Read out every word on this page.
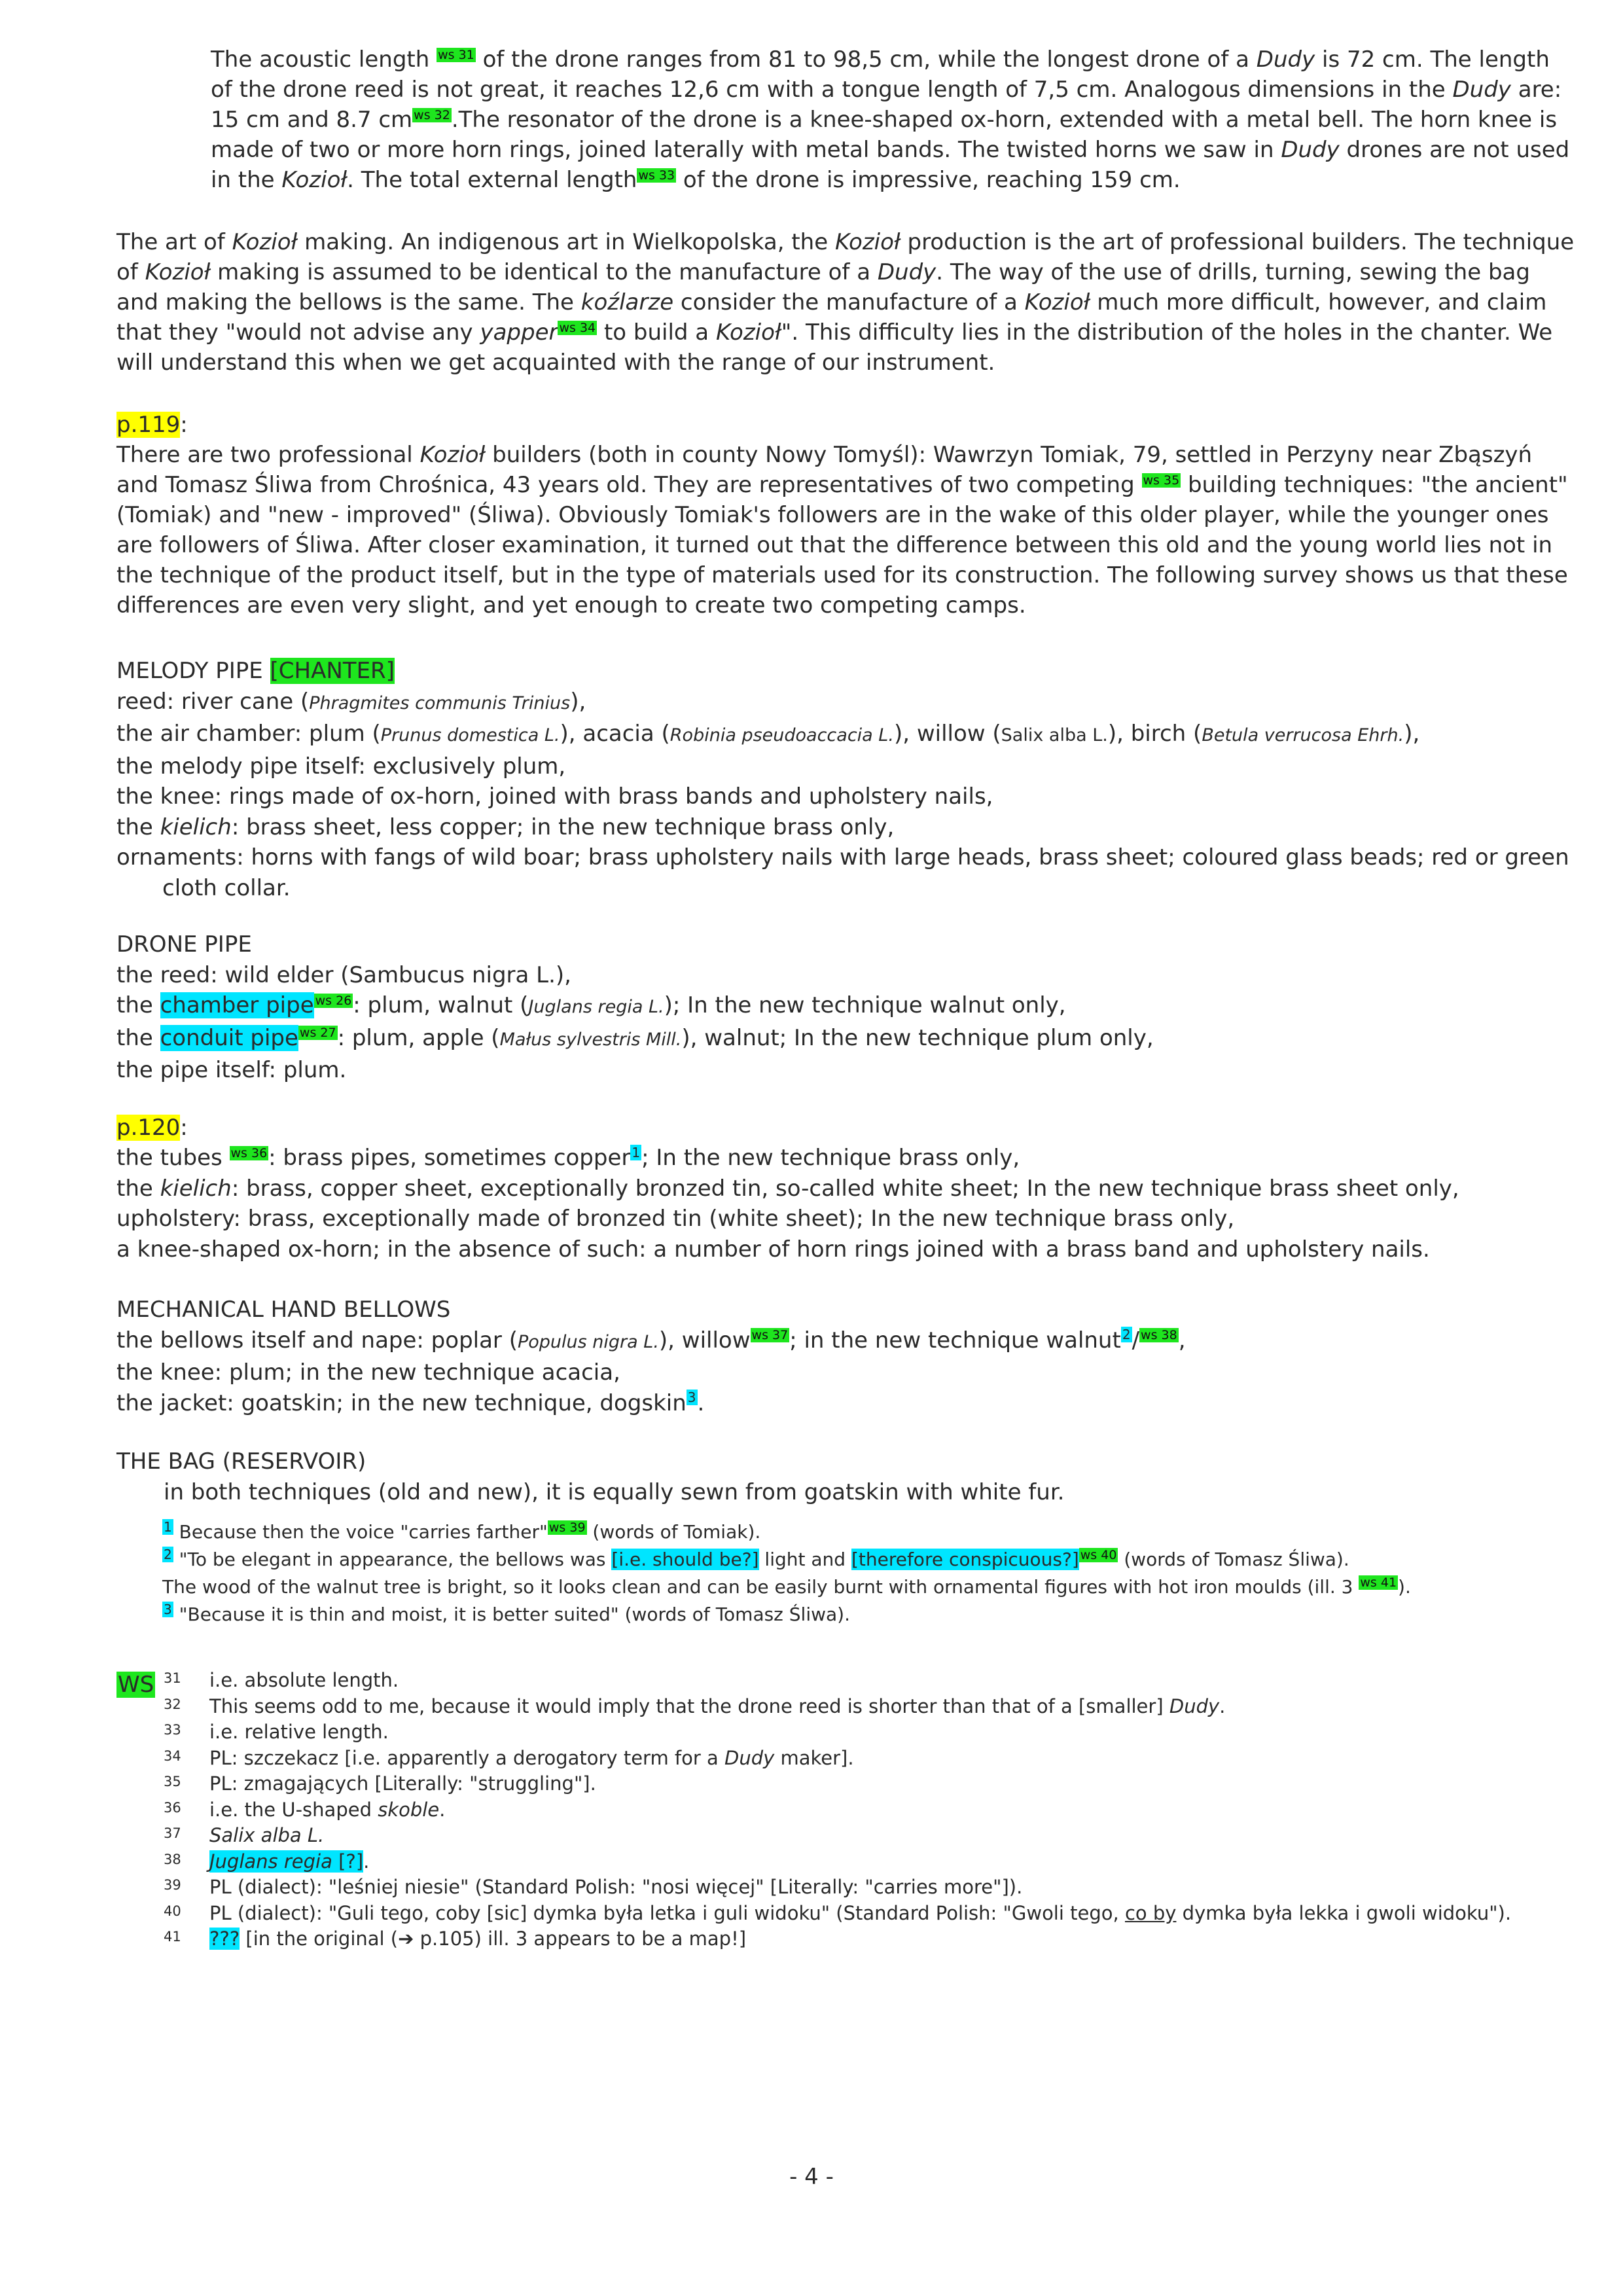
The acoustic length $^{ws 31}$ of the drone ranges from 81 to 98,5 cm, while the longest drone of a Dudy is 72 cm. The length of the drone reed is not great, it reaches 12,6 cm with a tongue length of 7,5 cm. Analogous dimensions in the Dudy are: 15 cm and 8.7 cm $^{ws 32}$.The resonator of the drone is a knee-shaped ox-horn, extended with a metal bell. The horn knee is made of two or more horn rings, joined laterally with metal bands. The twisted horns we saw in Dudy drones are not used in the Kozioł. The total external length $^{ws 33}$ of the drone is impressive, reaching 159 cm.

The art of Kozioł making. An indigenous art in Wielkopolska, the Kozioł production is the art of professional builders. The technique of Kozioł making is assumed to be identical to the manufacture of a Dudy. The way of the use of drills, turning, sewing the bag and making the bellows is the same. The koźlarze consider the manufacture of a Kozioł much more difficult, however, and claim that they "would not advise any yapper $^{ws 34}$ to build a Kozioł". This difficulty lies in the distribution of the holes in the chanter. We will understand this when we get acquainted with the range of our instrument.

p.119:

There are two professional Kozioł builders (both in county Nowy Tomyśl): Wawrzyn Tomiak, 79, settled in Perzyny near Zbąszyń and Tomasz Śliwa from Chrośnica, 43 years old. They are representatives of two competing $^{ws 35}$ building techniques: "the ancient" (Tomiak) and "new - improved" (Śliwa). Obviously Tomiak's followers are in the wake of this older player, while the younger ones are followers of Śliwa. After closer examination, it turned out that the difference between this old and the young world lies not in the technique of the product itself, but in the type of materials used for its construction. The following survey shows us that these differences are even very slight, and yet enough to create two competing camps.

MELODY PIPE [CHANTER]
reed: river cane (Phragmites communis Trinius),
the air chamber: plum (Prunus domestica L.), acacia (Robinia pseudoaccacia L.), willow (Salix alba L.), birch (Betula verrucosa Ehrh.),
the melody pipe itself: exclusively plum,
the knee: rings made of ox-horn, joined with brass bands and upholstery nails,
the kielich: brass sheet, less copper; in the new technique brass only,
ornaments: horns with fangs of wild boar; brass upholstery nails with large heads, brass sheet; coloured glass beads; red or green cloth collar.
DRONE PIPE
the reed: wild elder (Sambucus nigra L.),
the chamber pipe $^{ws 26}$: plum, walnut (Juglans regia L.); In the new technique walnut only,
the conduit pipe $^{ws 27}$: plum, apple (Małus sylvestris Mill.), walnut; In the new technique plum only,
the pipe itself: plum.

p.120:

the tubes $^{ws 36}$: brass pipes, sometimes copper $^1$; In the new technique brass only,
the kielich: brass, copper sheet, exceptionally bronzed tin, so-called white sheet; In the new technique brass sheet only,
upholstery: brass, exceptionally made of bronzed tin (white sheet); In the new technique brass only,
a knee-shaped ox-horn; in the absence of such: a number of horn rings joined with a brass band and upholstery nails.
MECHANICAL HAND BELLOWS
the bellows itself and nape: poplar (Populus nigra L.), willow $^{ws 37}$; in the new technique walnut $^2$/ $^{ws 38}$,
the knee: plum; in the new technique acacia,
the jacket: goatskin; in the new technique, dogskin $^3$.
THE BAG (RESERVOIR)
in both techniques (old and new), it is equally sewn from goatskin with white fur.
$^1$ Because then the voice "carries farther" $^{ws 39}$ (words of Tomiak).
$^2$ "To be elegant in appearance, the bellows was [i.e. should be?] light and [therefore conspicuous?] $^{ws 40}$ (words of Tomasz Śliwa).
The wood of the walnut tree is bright, so it looks clean and can be easily burnt with ornamental figures with hot iron moulds (ill. 3 $^{ws 41}$).
$^3$ "Because it is thin and moist, it is better suited" (words of Tomasz Śliwa).
WS 31 i.e. absolute length.
32 This seems odd to me, because it would imply that the drone reed is shorter than that of a [smaller] Dudy.
33 i.e. relative length.
34 PL: szczekacz [i.e. apparently a derogatory term for a Dudy maker].
35 PL: zmagających [Literally: "struggling"].
36 i.e. the U-shaped skoble.
37 Salix alba L.
38 Juglans regia [?].
39 PL (dialect): "leśniej niesie" (Standard Polish: "nosi więcej" [Literally: "carries more"]).
40 PL (dialect): "Guli tego, coby [sic] dymka była letka i guli widoku" (Standard Polish: "Gwoli tego, co by dymka była lekka i gwoli widoku").
41 ??? [in the original (➔ p.105) ill. 3 appears to be a map!]
- 4 -
